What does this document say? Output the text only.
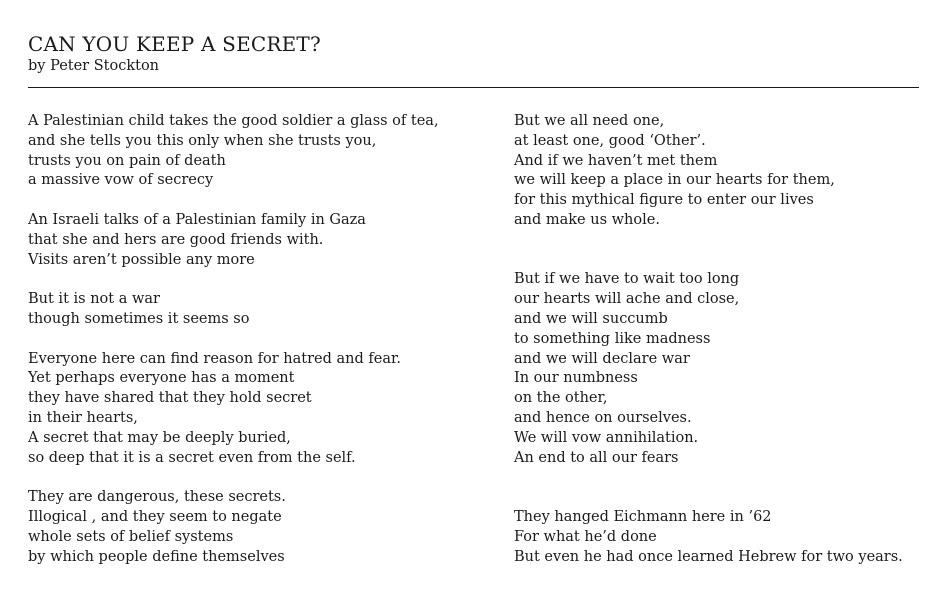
CAN YOU KEEP A SECRET?
by Peter Stockton
A Palestinian child takes the good soldier a glass of tea,
and she tells you this only when she trusts you,
trusts you on pain of death
a massive vow of secrecy
An Israeli talks of a Palestinian family in Gaza
that she and hers are good friends with.
Visits aren’t possible any more
But it is not a war
though sometimes it seems so
Everyone here can find reason for hatred and fear.
Yet perhaps everyone has a moment
they have shared that they hold secret
in their hearts,
A secret that may be deeply buried,
so deep that it is a secret even from the self.
They are dangerous, these secrets.
Illogical , and they seem to negate
whole sets of belief systems
by which people define themselves
But we all need one,
at least one, good ‘Other’.
And if we haven’t met them
we will keep a place in our hearts for them,
for this mythical figure to enter our lives
and make us whole.
But if we have to wait too long
our hearts will ache and close,
and we will succumb
to something like madness
and we will declare war
In our numbness
on the other,
and hence on ourselves.
We will vow annihilation.
An end to all our fears
They hanged Eichmann here in ’62
For what he’d done
But even he had once learned Hebrew for two years.
